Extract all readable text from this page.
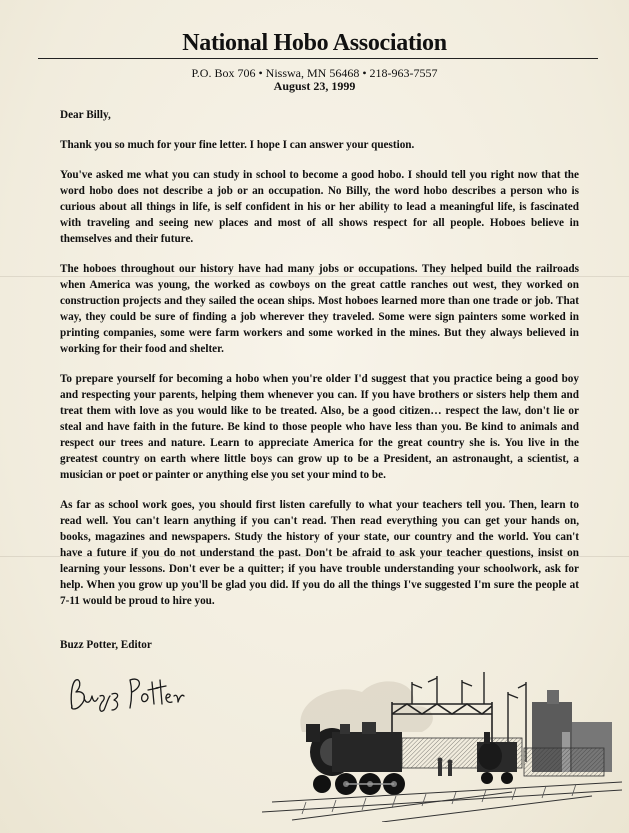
National Hobo Association
P.O. Box 706 • Nisswa, MN 56468 • 218-963-7557
August 23, 1999

Dear Billy,

Thank you so much for your fine letter. I hope I can answer your question.

You've asked me what you can study in school to become a good hobo. I should tell you right now that the word hobo does not describe a job or an occupation. No Billy, the word hobo describes a person who is curious about all things in life, is self confident in his or her ability to lead a meaningful life, is fascinated with traveling and seeing new places and most of all shows respect for all people. Hoboes believe in themselves and their future.

The hoboes throughout our history have had many jobs or occupations. They helped build the railroads when America was young, the worked as cowboys on the great cattle ranches out west, they worked on construction projects and they sailed the ocean ships. Most hoboes learned more than one trade or job. That way, they could be sure of finding a job wherever they traveled. Some were sign painters some worked in printing companies, some were farm workers and some worked in the mines. But they always believed in working for their food and shelter.

To prepare yourself for becoming a hobo when you're older I'd suggest that you practice being a good boy and respecting your parents, helping them whenever you can. If you have brothers or sisters help them and treat them with love as you would like to be treated. Also, be a good citizen… respect the law, don't lie or steal and have faith in the future. Be kind to those people who have less than you. Be kind to animals and respect our trees and nature. Learn to appreciate America for the great country she is. You live in the greatest country on earth where little boys can grow up to be a President, an astronaught, a scientist, a musician or poet or painter or anything else you set your mind to be.

As far as school work goes, you should first listen carefully to what your teachers tell you. Then, learn to read well. You can't learn anything if you can't read. Then read everything you can get your hands on, books, magazines and newspapers. Study the history of your state, our country and the world. You can't have a future if you do not understand the past. Don't be afraid to ask your teacher questions, insist on learning your lessons. Don't ever be a quitter; if you have trouble understanding your schoolwork, ask for help. When you grow up you'll be glad you did. If you do all the things I've suggested I'm sure the people at 7-11 would be proud to hire you.

Buzz Potter, Editor
